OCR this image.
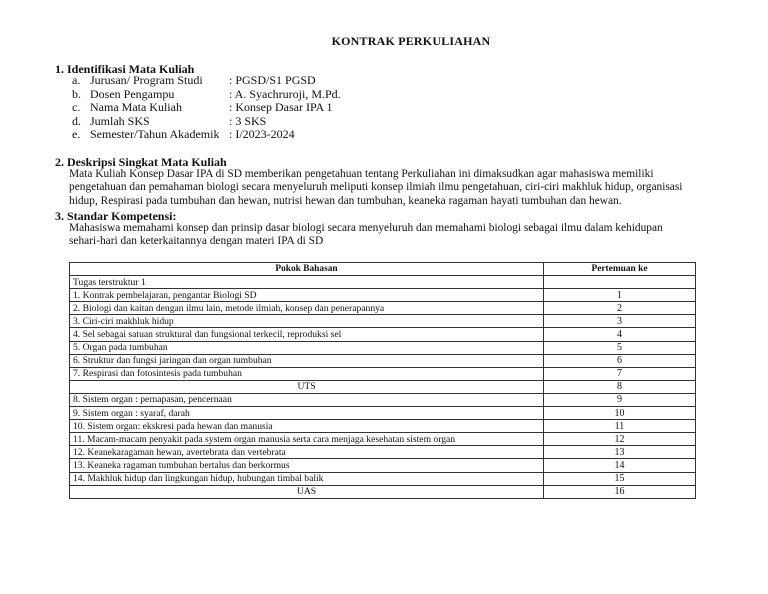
KONTRAK PERKULIAHAN
1. Identifikasi Mata Kuliah
a. Jurusan/ Program Studi : PGSD/S1 PGSD
b. Dosen Pengampu	: A. Syachruroji, M.Pd.
c. Nama Mata Kuliah	: Konsep Dasar IPA 1
d. Jumlah SKS	: 3 SKS
e. Semester/Tahun Akademik : I/2023-2024
2. Deskripsi Singkat Mata Kuliah
Mata Kuliah Konsep Dasar IPA di SD memberikan pengetahuan tentang Perkuliahan ini dimaksudkan agar mahasiswa memiliki
pengetahuan dan pemahaman biologi secara menyeluruh meliputi konsep ilmiah ilmu pengetahuan, ciri-ciri makhluk hidup, organisasi
hidup, Respirasi pada tumbuhan dan hewan, nutrisi hewan dan tumbuhan, keaneka ragaman hayati tumbuhan dan hewan.
3. Standar Kompetensi:
Mahasiswa memahami konsep dan prinsip dasar biologi secara menyeluruh dan memahami biologi sebagai ilmu dalam kehidupan
sehari-hari dan keterkaitannya dengan materi IPA di SD
Pokok Bahasan	Pertemuan ke
Tugas terstruktur 1	
1. Kontrak pembelajaran, pengantar Biologi SD	1
2. Biologi dan kaitan dengan ilmu lain, metode ilmiah, konsep dan penerapannya	2
3. Ciri-ciri makhluk hidup	3
4. Sel sebagai satuan struktural dan fungsional terkecil, reproduksi sel	4
5. Organ pada tumbuhan	5
6. Struktur dan fungsi jaringan dan organ tumbuhan	6
7. Respirasi dan fotosintesis pada tumbuhan	7
UTS	8
8. Sistem organ : pernapasan, pencernaan	9
9. Sistem organ : syaraf, darah	10
10. Sistem organ: ekskresi pada hewan dan manusia	11
11. Macam-macam penyakit pada system organ manusia serta cara menjaga kesehatan sistem organ	12
12. Keanekaragaman hewan, avertebrata dan vertebrata	13
13. Keaneka ragaman tumbuhan bertalus dan berkormus	14
14. Makhluk hidup dan lingkungan hidup, hubungan timbal balik	15
UAS	16
